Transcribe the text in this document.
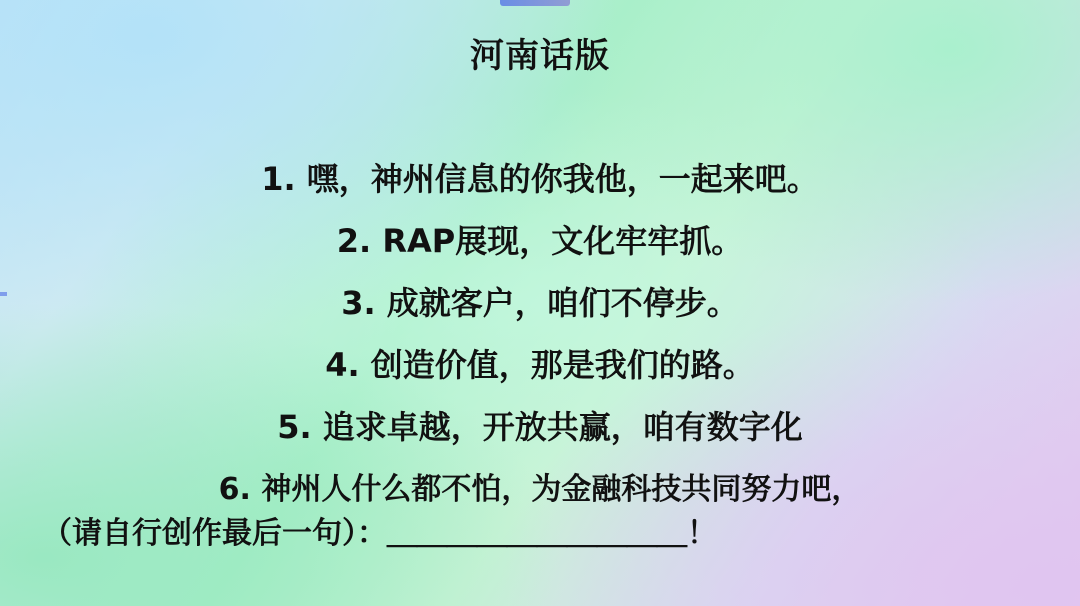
河南话版
1. 嘿，神州信息的你我他，一起来吧。
2. RAP展现，文化牢牢抓。
3. 成就客户，咱们不停步。
4. 创造价值，那是我们的路。
5. 追求卓越，开放共赢，咱有数字化
6. 神州人什么都不怕，为金融科技共同努力吧，
（请自行创作最后一句）：＿＿＿＿＿＿＿＿＿＿！
